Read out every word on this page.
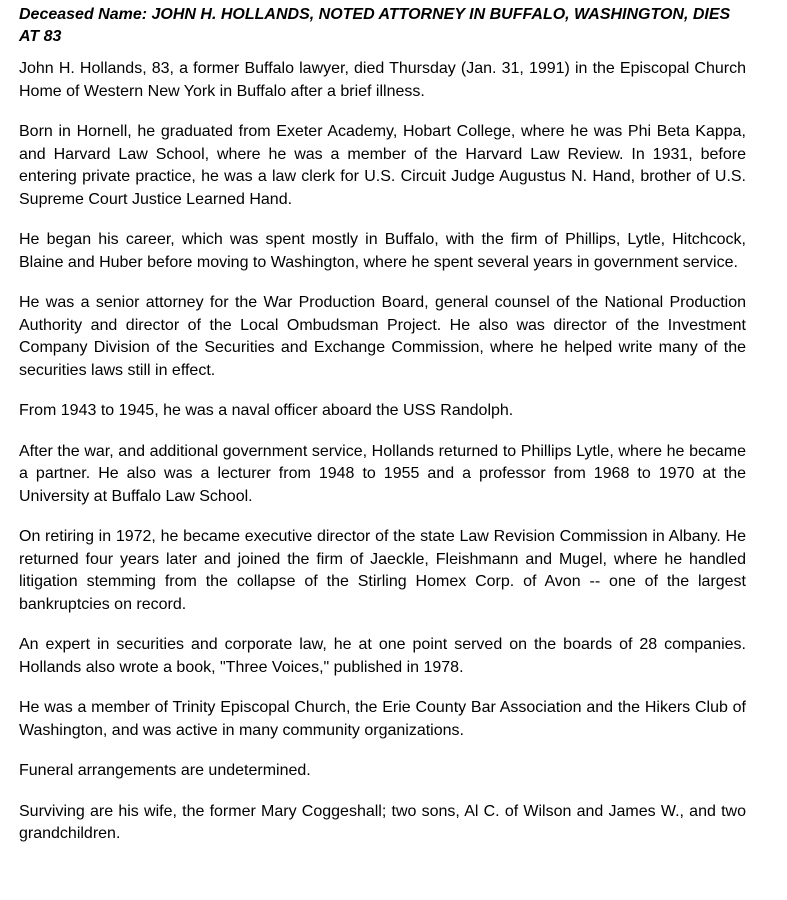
Deceased Name: JOHN H. HOLLANDS, NOTED ATTORNEY IN BUFFALO, WASHINGTON, DIES AT 83

John H. Hollands, 83, a former Buffalo lawyer, died Thursday (Jan. 31, 1991) in the Episcopal Church Home of Western New York in Buffalo after a brief illness.

Born in Hornell, he graduated from Exeter Academy, Hobart College, where he was Phi Beta Kappa, and Harvard Law School, where he was a member of the Harvard Law Review. In 1931, before entering private practice, he was a law clerk for U.S. Circuit Judge Augustus N. Hand, brother of U.S. Supreme Court Justice Learned Hand.

He began his career, which was spent mostly in Buffalo, with the firm of Phillips, Lytle, Hitchcock, Blaine and Huber before moving to Washington, where he spent several years in government service.

He was a senior attorney for the War Production Board, general counsel of the National Production Authority and director of the Local Ombudsman Project. He also was director of the Investment Company Division of the Securities and Exchange Commission, where he helped write many of the securities laws still in effect.

From 1943 to 1945, he was a naval officer aboard the USS Randolph.

After the war, and additional government service, Hollands returned to Phillips Lytle, where he became a partner. He also was a lecturer from 1948 to 1955 and a professor from 1968 to 1970 at the University at Buffalo Law School.

On retiring in 1972, he became executive director of the state Law Revision Commission in Albany. He returned four years later and joined the firm of Jaeckle, Fleishmann and Mugel, where he handled litigation stemming from the collapse of the Stirling Homex Corp. of Avon -- one of the largest bankruptcies on record.

An expert in securities and corporate law, he at one point served on the boards of 28 companies. Hollands also wrote a book, "Three Voices," published in 1978.

He was a member of Trinity Episcopal Church, the Erie County Bar Association and the Hikers Club of Washington, and was active in many community organizations.

Funeral arrangements are undetermined.

Surviving are his wife, the former Mary Coggeshall; two sons, Al C. of Wilson and James W., and two grandchildren.
